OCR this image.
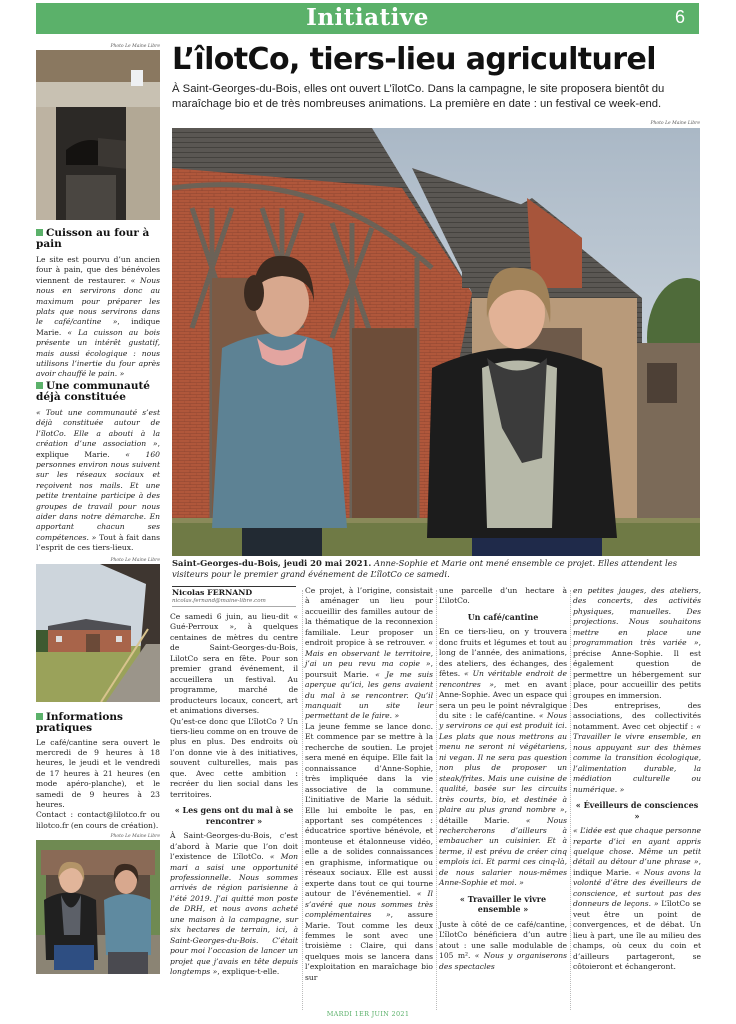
Initiative	6
L’îlotCo, tiers-lieu agriculturel
À Saint-Georges-du-Bois, elles ont ouvert L’îlotCo. Dans la campagne, le site proposera bientôt du maraîchage bio et de très nombreuses animations. La première en date : un festival ce week-end.
Photo Le Maine Libre
Saint-Georges-du-Bois, jeudi 20 mai 2021. Anne-Sophie et Marie ont mené ensemble ce projet. Elles attendent les visiteurs pour le premier grand événement de L’îlotCo ce samedi.
Photo Le Maine Libre
Cuisson au four à pain
Le site est pourvu d’un ancien four à pain, que des bénévoles viennent de restaurer. « Nous nous en servirons donc au maximum pour préparer les plats que nous servirons dans le café/cantine », indique Marie. « La cuisson au bois présente un intérêt gustatif, mais aussi écologique : nous utilisons l’inertie du four après avoir chauffé le pain. »
Une communauté déjà constituée
« Tout une communauté s’est déjà constituée autour de l’îlotCo. Elle a abouti à la création d’une association », explique Marie. « 160 personnes environ nous suivent sur les réseaux sociaux et reçoivent nos mails. Et une petite trentaine participe à des groupes de travail pour nous aider dans notre démarche. En apportant chacun ses compétences. » Tout à fait dans l’esprit de ces tiers-lieux.
Photo Le Maine Libre
Informations pratiques
Le café/cantine sera ouvert le mercredi de 9 heures à 18 heures, le jeudi et le vendredi de 17 heures à 21 heures (en mode apéro-planche), et le samedi de 9 heures à 23 heures.
Contact : contact@lilotco.fr ou lilotco.fr (en cours de création).
Photo Le Maine Libre
Nicolas FERNAND
nicolas.fernand@maine-libre.com

Ce samedi 6 juin, au lieu-dit « Gué-Perroux », à quelques centaines de mètres du centre de Saint-Georges-du-Bois, LilotCo sera en fête. Pour son premier grand événement, il accueillera un festival. Au programme, marché de producteurs locaux, concert, art et animations diverses.

Qu’est-ce donc que L’îlotCo ? Un tiers-lieu comme on en trouve de plus en plus. Des endroits où l’on donne vie à des initiatives, souvent culturelles, mais pas que. Avec cette ambition : recréer du lien social dans les territoires.

« Les gens ont du mal à se rencontrer »

À Saint-Georges-du-Bois, c’est d’abord à Marie que l’on doit l’existence de L’îlotCo. « Mon mari a saisi une opportunité professionnelle. Nous sommes arrivés de région parisienne à l’été 2019. J’ai quitté mon poste de DRH, et nous avons acheté une maison à la campagne, sur six hectares de terrain, ici, à Saint-Georges-du-Bois. C’était pour moi l’occasion de lancer un projet que j’avais en tête depuis longtemps », explique-t-elle.

Ce projet, à l’origine, consistait à aménager un lieu pour accueillir des familles autour de la thématique de la reconnexion familiale. Leur proposer un endroit propice à se retrouver. « Mais en observant le territoire, j’ai un peu revu ma copie », poursuit Marie. « Je me suis aperçue qu’ici, les gens avaient du mal à se rencontrer. Qu’il manquait un site leur permettant de le faire. »

La jeune femme se lance donc. Et commence par se mettre à la recherche de soutien. Le projet sera mené en équipe. Elle fait la connaissance d’Anne-Sophie, très impliquée dans la vie associative de la commune. L’initiative de Marie la séduit. Elle lui emboîte le pas, en apportant ses compétences : éducatrice sportive bénévole, et monteuse et étalonneuse vidéo, elle a de solides connaissances en graphisme, informatique ou réseaux sociaux. Elle est aussi experte dans tout ce qui tourne autour de l’événementiel. « Il s’avéré que nous sommes très complémentaires », assure Marie. Tout comme les deux femmes le sont avec une troisième : Claire, qui dans quelques mois se lancera dans l’exploitation en maraîchage bio sur

une parcelle d’un hectare à L’ilotCo.

Un café/cantine

En ce tiers-lieu, on y trouvera donc fruits et légumes et tout au long de l’année, des animations, des ateliers, des échanges, des fêtes. « Un véritable endroit de rencontres », met en avant Anne-Sophie. Avec un espace qui sera un peu le point névralgique du site : le café/cantine. « Nous y servirons ce qui est produit ici. Les plats que nous mettrons au menu ne seront ni végétariens, ni vegan. Il ne sera pas question non plus de proposer un steak/frites. Mais une cuisine de qualité, basée sur les circuits très courts, bio, et destinée à plaire au plus grand nombre », détaille Marie. « Nous rechercherons d’ailleurs à embaucher un cuisinier. Et à terme, il est prévu de créer cinq emplois ici. Et parmi ces cinq-là, de nous salarier nous-mêmes Anne-Sophie et moi. »

« Travailler le vivre ensemble »

Juste à côté de ce café/cantine, L’îlotCo bénéficiera d’un autre atout : une salle modulable de 105 m². « Nous y organiserons des spectacles

en petites jauges, des ateliers, des concerts, des activités physiques, manuelles. Des projections. Nous souhaitons mettre en place une programmation très variée », précise Anne-Sophie. Il est également question de permettre un hébergement sur place, pour accueillir des petits groupes en immersion.

Des entreprises, des associations, des collectivités notamment. Avec cet objectif : « Travailler le vivre ensemble, en nous appuyant sur des thèmes comme la transition écologique, l’alimentation durable, la médiation culturelle ou numérique. »

« Éveilleurs de consciences »

« L’idée est que chaque personne reparte d’ici en ayant appris quelque chose. Même un petit détail au détour d’une phrase », indique Marie. « Nous avons la volonté d’être des éveilleurs de conscience, et surtout pas des donneurs de leçons. » L’îlotCo se veut être un point de convergences, et de débat. Un lieu à part, une île au milieu des champs, où ceux du coin et d’ailleurs partageront, se côtoieront et échangeront.

MARDI 1ER JUIN 2021
